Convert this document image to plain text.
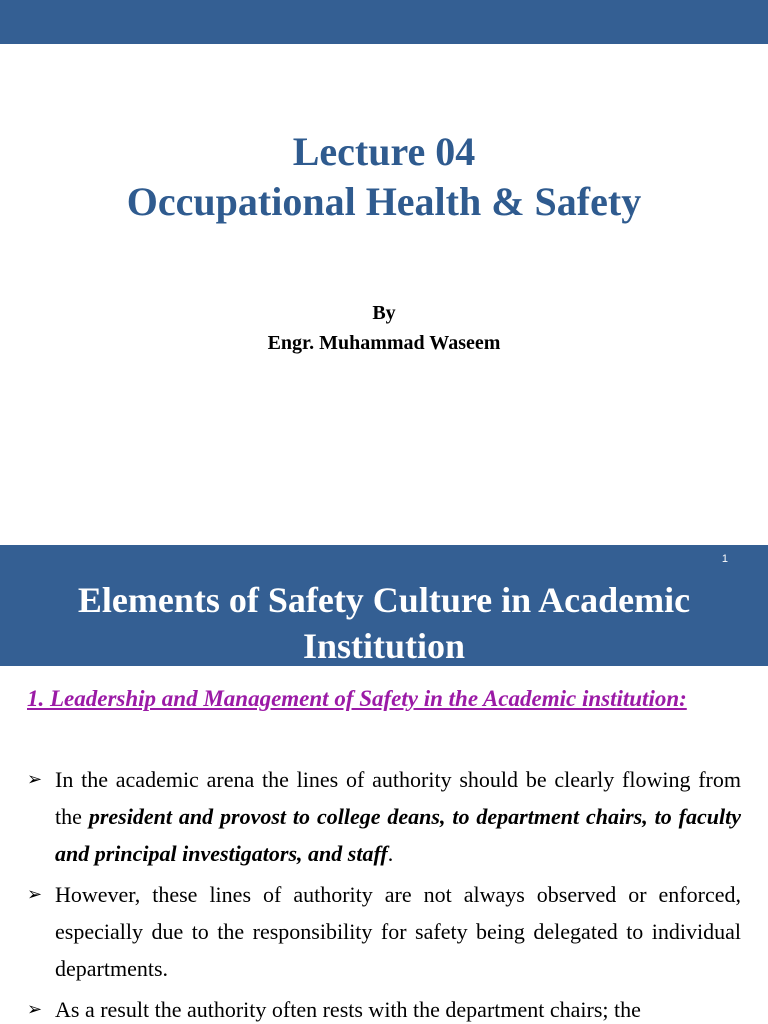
Lecture 04
Occupational Health & Safety
By
Engr. Muhammad Waseem
1
Elements of Safety Culture in Academic
Institution
1. Leadership and Management of Safety in the Academic institution:
➢ In the academic arena the lines of authority should be clearly flowing from the president and provost to college deans, to department chairs, to faculty and principal investigators, and staff.
➢ However, these lines of authority are not always observed or enforced, especially due to the responsibility for safety being delegated to individual departments.
➢ As a result the authority often rests with the department chairs; the
